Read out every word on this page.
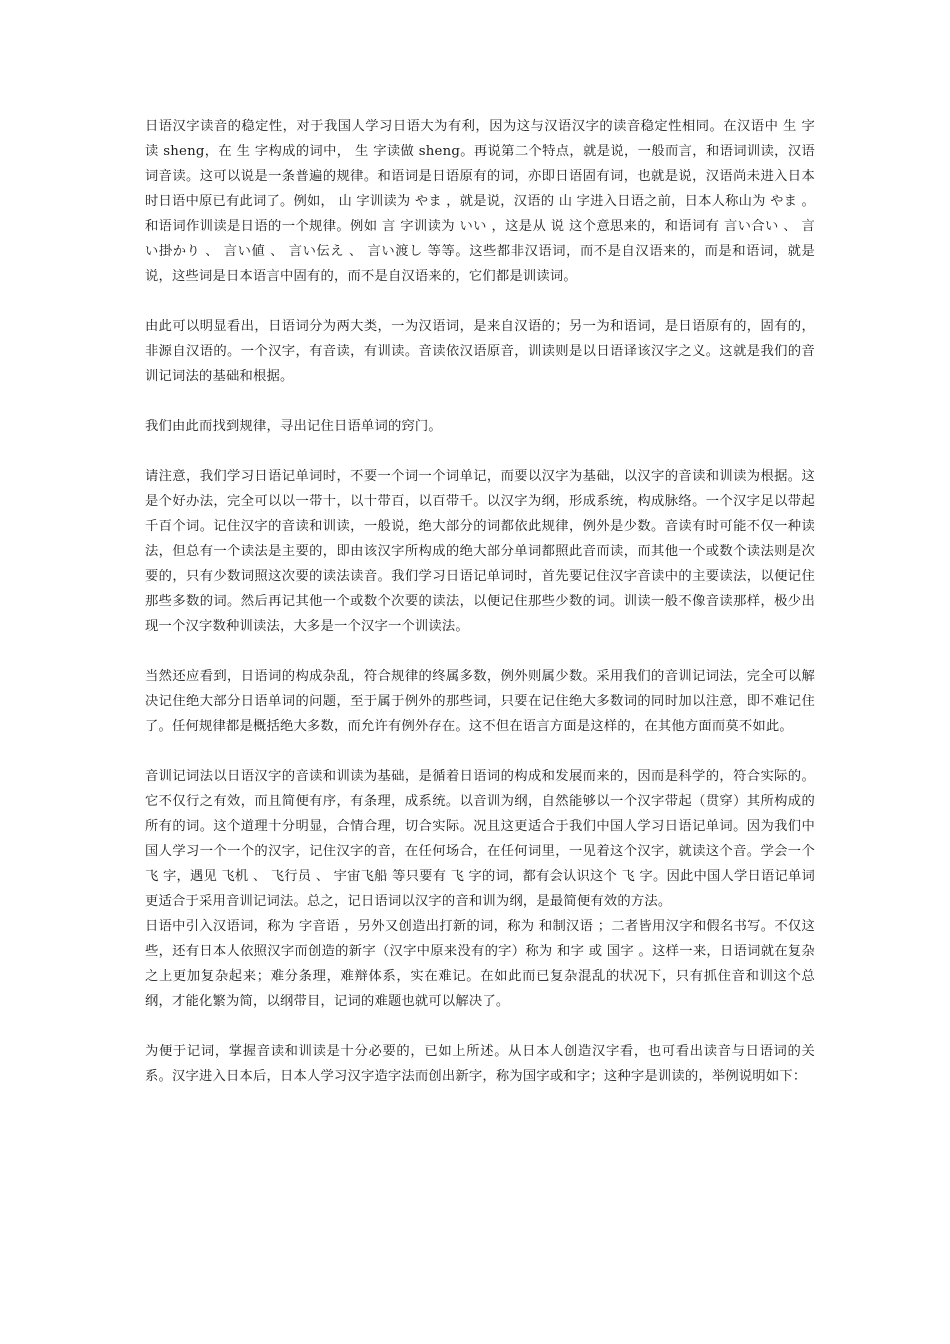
日语汉字读音的稳定性，对于我国人学习日语大为有利，因为这与汉语汉字的读音稳定性相同。在汉语中 生 字读 sheng，在 生 字构成的词中， 生 字读做 sheng。再说第二个特点，就是说，一般而言，和语词训读，汉语词音读。这可以说是一条普遍的规律。和语词是日语原有的词，亦即日语固有词，也就是说，汉语尚未进入日本时日语中原已有此词了。例如， 山 字训读为 やま ，就是说，汉语的 山 字进入日语之前，日本人称山为 やま 。和语词作训读是日语的一个规律。例如 言 字训读为 いい ，这是从 说 这个意思来的，和语词有 言い合い 、 言い掛かり 、 言い値 、 言い伝え 、 言い渡し 等等。这些都非汉语词，而不是自汉语来的，而是和语词，就是说，这些词是日本语言中固有的，而不是自汉语来的，它们都是训读词。

由此可以明显看出，日语词分为两大类，一为汉语词，是来自汉语的；另一为和语词，是日语原有的，固有的，非源自汉语的。一个汉字，有音读，有训读。音读依汉语原音，训读则是以日语译该汉字之义。这就是我们的音训记词法的基础和根据。

我们由此而找到规律，寻出记住日语单词的窍门。

请注意，我们学习日语记单词时，不要一个词一个词单记，而要以汉字为基础，以汉字的音读和训读为根据。这是个好办法，完全可以以一带十，以十带百，以百带千。以汉字为纲，形成系统，构成脉络。一个汉字足以带起千百个词。记住汉字的音读和训读，一般说，绝大部分的词都依此规律，例外是少数。音读有时可能不仅一种读法，但总有一个读法是主要的，即由该汉字所构成的绝大部分单词都照此音而读，而其他一个或数个读法则是次要的，只有少数词照这次要的读法读音。我们学习日语记单词时，首先要记住汉字音读中的主要读法，以便记住那些多数的词。然后再记其他一个或数个次要的读法，以便记住那些少数的词。训读一般不像音读那样，极少出现一个汉字数种训读法，大多是一个汉字一个训读法。

当然还应看到，日语词的构成杂乱，符合规律的终属多数，例外则属少数。采用我们的音训记词法，完全可以解决记住绝大部分日语单词的问题，至于属于例外的那些词，只要在记住绝大多数词的同时加以注意，即不难记住了。任何规律都是概括绝大多数，而允许有例外存在。这不但在语言方面是这样的，在其他方面而莫不如此。

音训记词法以日语汉字的音读和训读为基础，是循着日语词的构成和发展而来的，因而是科学的，符合实际的。它不仅行之有效，而且简便有序，有条理，成系统。以音训为纲，自然能够以一个汉字带起（贯穿）其所构成的所有的词。这个道理十分明显，合情合理，切合实际。况且这更适合于我们中国人学习日语记单词。因为我们中国人学习一个一个的汉字，记住汉字的音，在任何场合，在任何词里，一见着这个汉字，就读这个音。学会一个 飞 字，遇见 飞机 、 飞行员 、 宇宙飞船 等只要有 飞 字的词，都有会认识这个 飞 字。因此中国人学日语记单词更适合于采用音训记词法。总之，记日语词以汉字的音和训为纲，是最简便有效的方法。

日语中引入汉语词，称为 字音语 ，另外又创造出打新的词，称为 和制汉语 ；二者皆用汉字和假名书写。不仅这些，还有日本人依照汉字而创造的新字（汉字中原来没有的字）称为 和字 或 国字 。这样一来，日语词就在复杂之上更加复杂起来；难分条理，难辩体系，实在难记。在如此而已复杂混乱的状况下，只有抓住音和训这个总纲，才能化繁为简，以纲带目，记词的难题也就可以解决了。

为便于记词，掌握音读和训读是十分必要的，已如上所述。从日本人创造汉字看，也可看出读音与日语词的关系。汉字进入日本后，日本人学习汉字造字法而创出新字，称为国字或和字；这种字是训读的，举例说明如下：
